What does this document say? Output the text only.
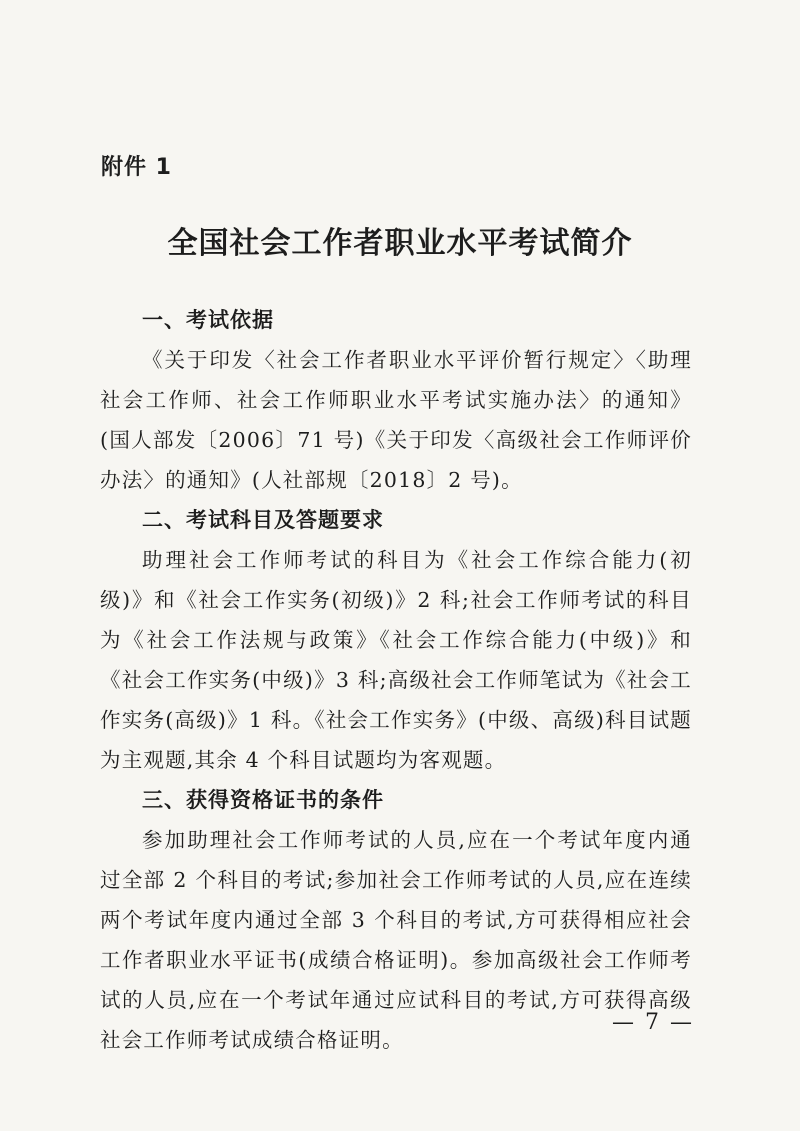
附件 1
全国社会工作者职业水平考试简介

一、考试依据

《关于印发〈社会工作者职业水平评价暂行规定〉〈助理社会工作师、社会工作师职业水平考试实施办法〉的通知》(国人部发〔2006〕71 号)《关于印发〈高级社会工作师评价办法〉的通知》(人社部规〔2018〕2 号)。

二、考试科目及答题要求

助理社会工作师考试的科目为《社会工作综合能力(初级)》和《社会工作实务(初级)》2 科;社会工作师考试的科目为《社会工作法规与政策》《社会工作综合能力(中级)》和《社会工作实务(中级)》3 科;高级社会工作师笔试为《社会工作实务(高级)》1 科。《社会工作实务》(中级、高级)科目试题为主观题,其余 4 个科目试题均为客观题。

三、获得资格证书的条件

参加助理社会工作师考试的人员,应在一个考试年度内通过全部 2 个科目的考试;参加社会工作师考试的人员,应在连续两个考试年度内通过全部 3 个科目的考试,方可获得相应社会工作者职业水平证书(成绩合格证明)。参加高级社会工作师考试的人员,应在一个考试年通过应试科目的考试,方可获得高级社会工作师考试成绩合格证明。

— 7 —
